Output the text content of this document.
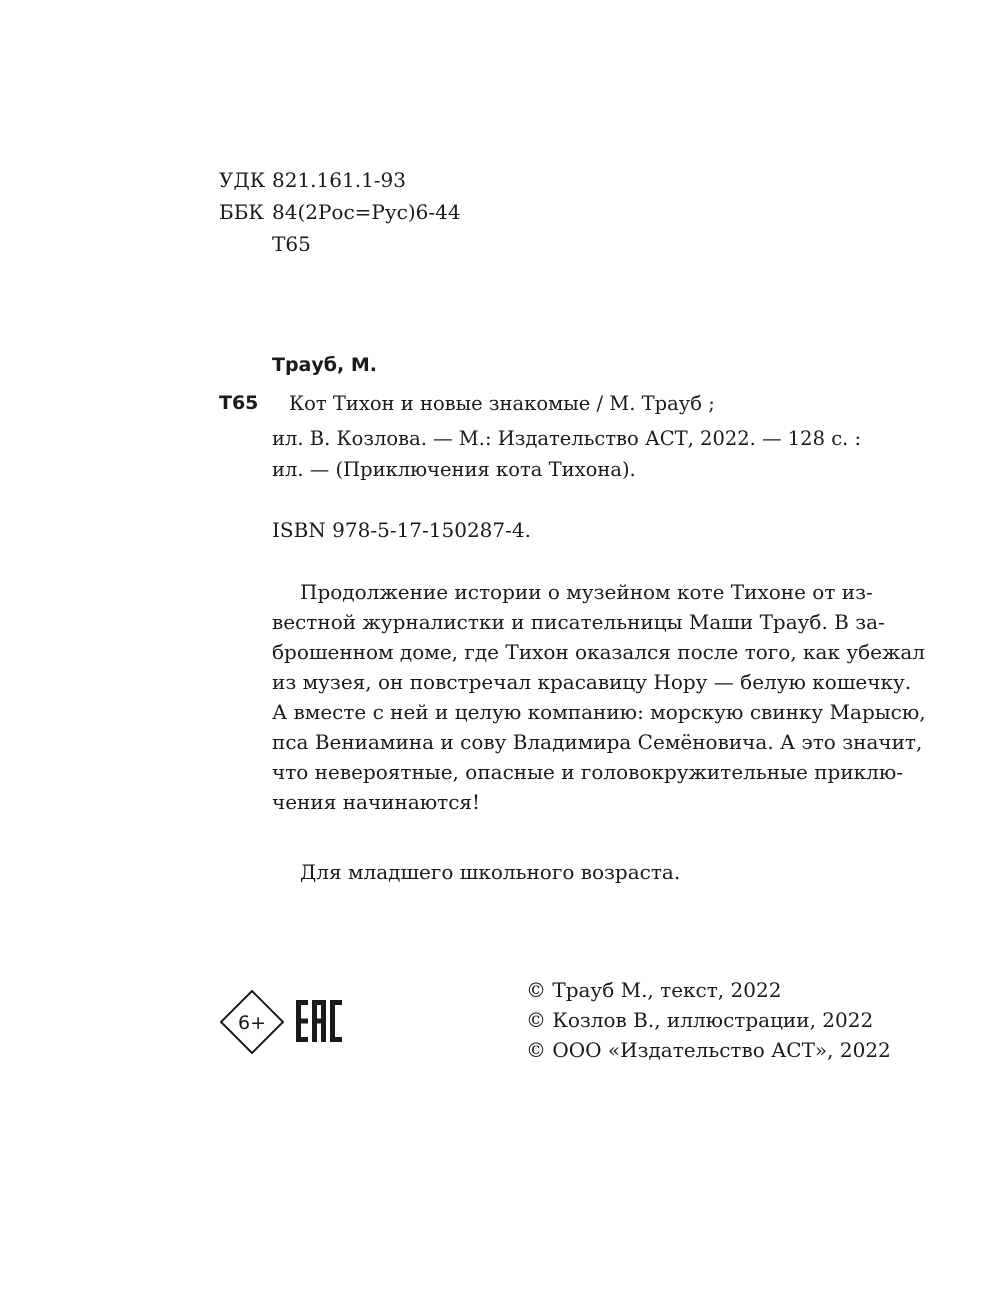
УДК 821.161.1-93
ББК 84(2Рос=Рус)6-44
Т65
Трауб, М.
Т65 Кот Тихон и новые знакомые / М. Трауб ;
ил. В. Козлова. — М.: Издательство АСТ, 2022. — 128 с. :
ил. — (Приключения кота Тихона).
ISBN 978-5-17-150287-4.
Продолжение истории о музейном коте Тихоне от из-
вестной журналистки и писательницы Маши Трауб. В за-
брошенном доме, где Тихон оказался после того, как убежал
из музея, он повстречал красавицу Нору — белую кошечку.
А вместе с ней и целую компанию: морскую свинку Марысю,
пса Вениамина и сову Владимира Семёновича. А это значит,
что невероятные, опасные и головокружительные приклю-
чения начинаются!
Для младшего школьного возраста.
6+
© Трауб М., текст, 2022
© Козлов В., иллюстрации, 2022
© ООО «Издательство АСТ», 2022
